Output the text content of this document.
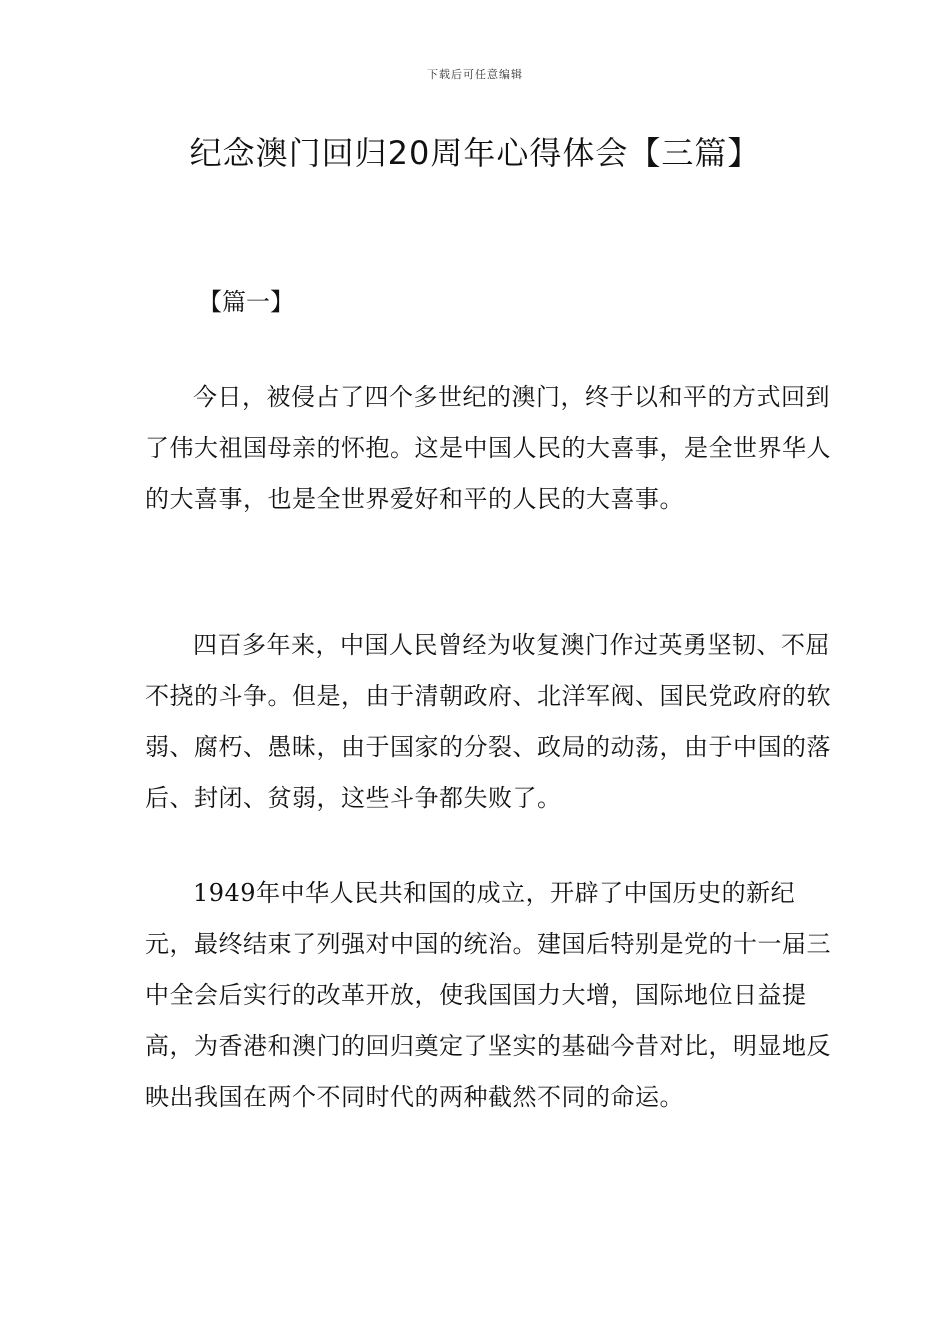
下载后可任意编辑
纪念澳门回归20周年心得体会【三篇】

【篇一】

今日，被侵占了四个多世纪的澳门，终于以和平的方式回到了伟大祖国母亲的怀抱。这是中国人民的大喜事，是全世界华人的大喜事，也是全世界爱好和平的人民的大喜事。

四百多年来，中国人民曾经为收复澳门作过英勇坚韧、不屈不挠的斗争。但是，由于清朝政府、北洋军阀、国民党政府的软弱、腐朽、愚昧，由于国家的分裂、政局的动荡，由于中国的落后、封闭、贫弱，这些斗争都失败了。

1949年中华人民共和国的成立，开辟了中国历史的新纪元，最终结束了列强对中国的统治。建国后特别是党的十一届三中全会后实行的改革开放，使我国国力大增，国际地位日益提高，为香港和澳门的回归奠定了坚实的基础今昔对比，明显地反映出我国在两个不同时代的两种截然不同的命运。
